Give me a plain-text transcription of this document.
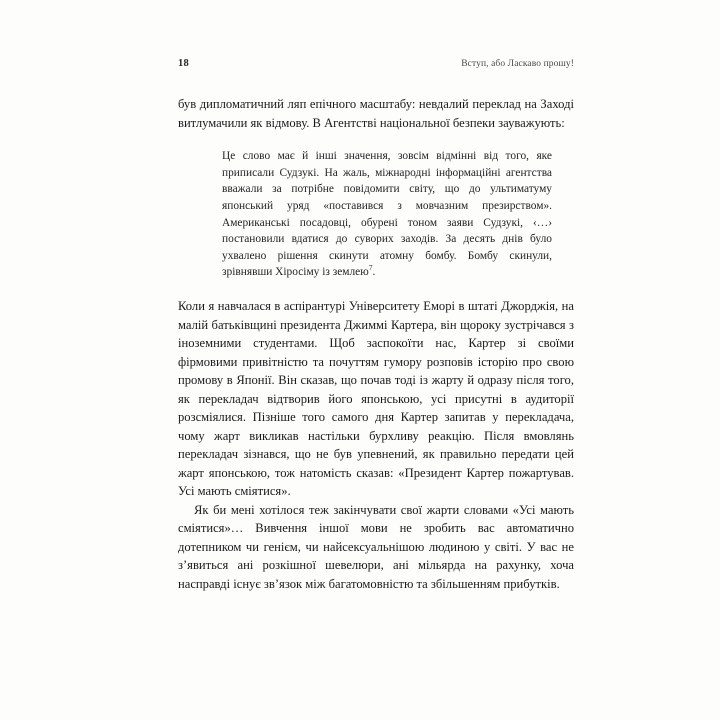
18	Вступ, або Ласкаво прошу!

був дипломатичний ляп епічного масштабу: невдалий переклад на Заході витлумачили як відмову. В Агентстві національної безпеки зауважують:

Це слово має й інші значення, зовсім відмінні від того, яке приписали Судзукі. На жаль, міжнародні інформаційні агентства вважали за потрібне повідомити світу, що до ультиматуму японський уряд «поставився з мовчазним презирством». Американські посадовці, обурені тоном заяви Судзукі, ‹…› постановили вдатися до суворих заходів. За десять днів було ухвалено рішення скинути атомну бомбу. Бомбу скинули, зрівнявши Хіросіму із землею$^7$.

Коли я навчалася в аспірантурі Університету Еморі в штаті Джорджія, на малій батьківщині президента Джиммі Картера, він щороку зустрічався з іноземними студентами. Щоб заспокоїти нас, Картер зі своїми фірмовими привітністю та почуттям гумору розповів історію про свою промову в Японії. Він сказав, що почав тоді із жарту й одразу після того, як перекладач відтворив його японською, усі присутні в аудиторії розсміялися. Пізніше того самого дня Картер запитав у перекладача, чому жарт викликав настільки бурхливу реакцію. Після вмовлянь перекладач зізнався, що не був упевнений, як правильно передати цей жарт японською, тож натомість сказав: «Президент Картер пожартував. Усі мають сміятися».

Як би мені хотілося теж закінчувати свої жарти словами «Усі мають сміятися»… Вивчення іншої мови не зробить вас автоматично дотепником чи генієм, чи найсексуальнішою людиною у світі. У вас не з’явиться ані розкішної шевелюри, ані мільярда на рахунку, хоча насправді існує зв’язок між багатомовністю та збільшенням прибутків.
